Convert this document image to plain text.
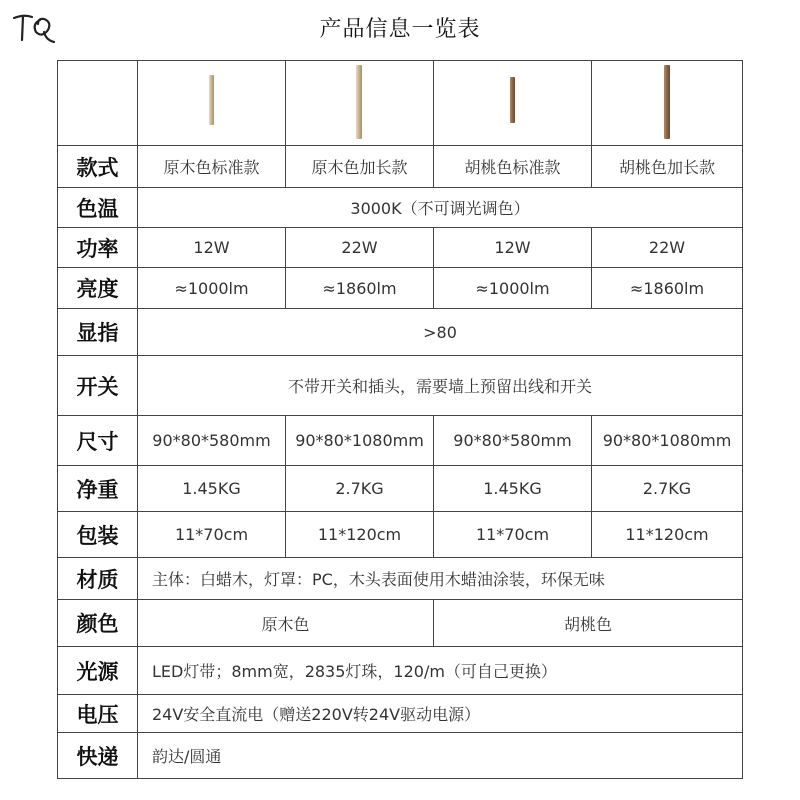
产品信息一览表

款式	原木色标准款	原木色加长款	胡桃色标准款	胡桃色加长款
色温	3000K（不可调光调色）			
功率	12W	22W	12W	22W
亮度	≈1000lm	≈1860lm	≈1000lm	≈1860lm
显指	>80			
开关	不带开关和插头，需要墙上预留出线和开关			
尺寸	90*80*580mm	90*80*1080mm	90*80*580mm	90*80*1080mm
净重	1.45KG	2.7KG	1.45KG	2.7KG
包装	11*70cm	11*120cm	11*70cm	11*120cm
材质	主体：白蜡木，灯罩：PC，木头表面使用木蜡油涂装，环保无味			
颜色	原木色		胡桃色	
光源	LED灯带；8mm宽，2835灯珠，120/m（可自己更换）			
电压	24V安全直流电（赠送220V转24V驱动电源）			
快递	韵达/圆通			
